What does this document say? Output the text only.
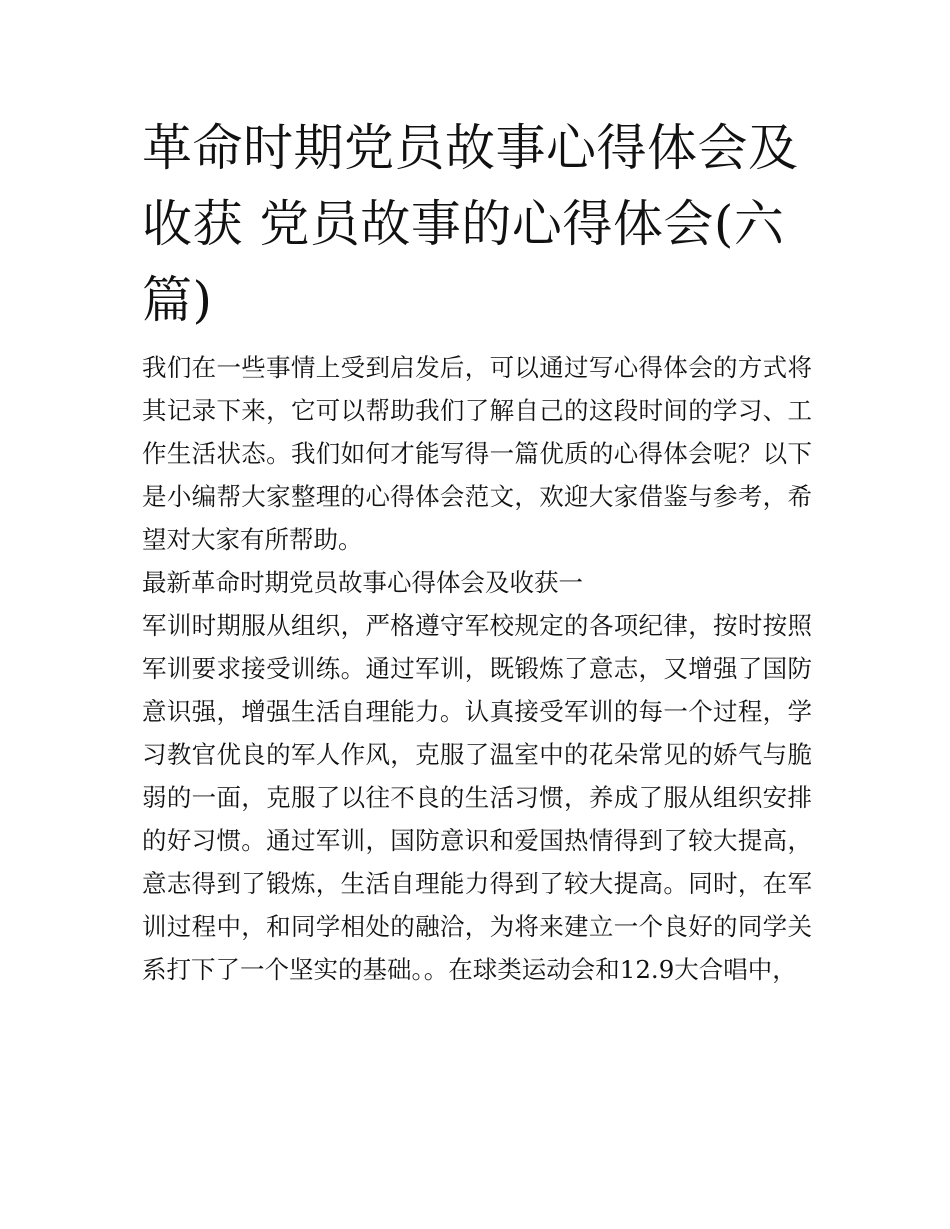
革命时期党员故事心得体会及收获 党员故事的心得体会(六篇)

我们在一些事情上受到启发后，可以通过写心得体会的方式将其记录下来，它可以帮助我们了解自己的这段时间的学习、工作生活状态。我们如何才能写得一篇优质的心得体会呢？以下是小编帮大家整理的心得体会范文，欢迎大家借鉴与参考，希望对大家有所帮助。

最新革命时期党员故事心得体会及收获一

军训时期服从组织，严格遵守军校规定的各项纪律，按时按照军训要求接受训练。通过军训，既锻炼了意志，又增强了国防意识强，增强生活自理能力。认真接受军训的每一个过程，学习教官优良的军人作风，克服了温室中的花朵常见的娇气与脆弱的一面，克服了以往不良的生活习惯，养成了服从组织安排的好习惯。通过军训，国防意识和爱国热情得到了较大提高，意志得到了锻炼，生活自理能力得到了较大提高。同时，在军训过程中，和同学相处的融洽，为将来建立一个良好的同学关系打下了一个坚实的基础。。在球类运动会和12.9大合唱中，
